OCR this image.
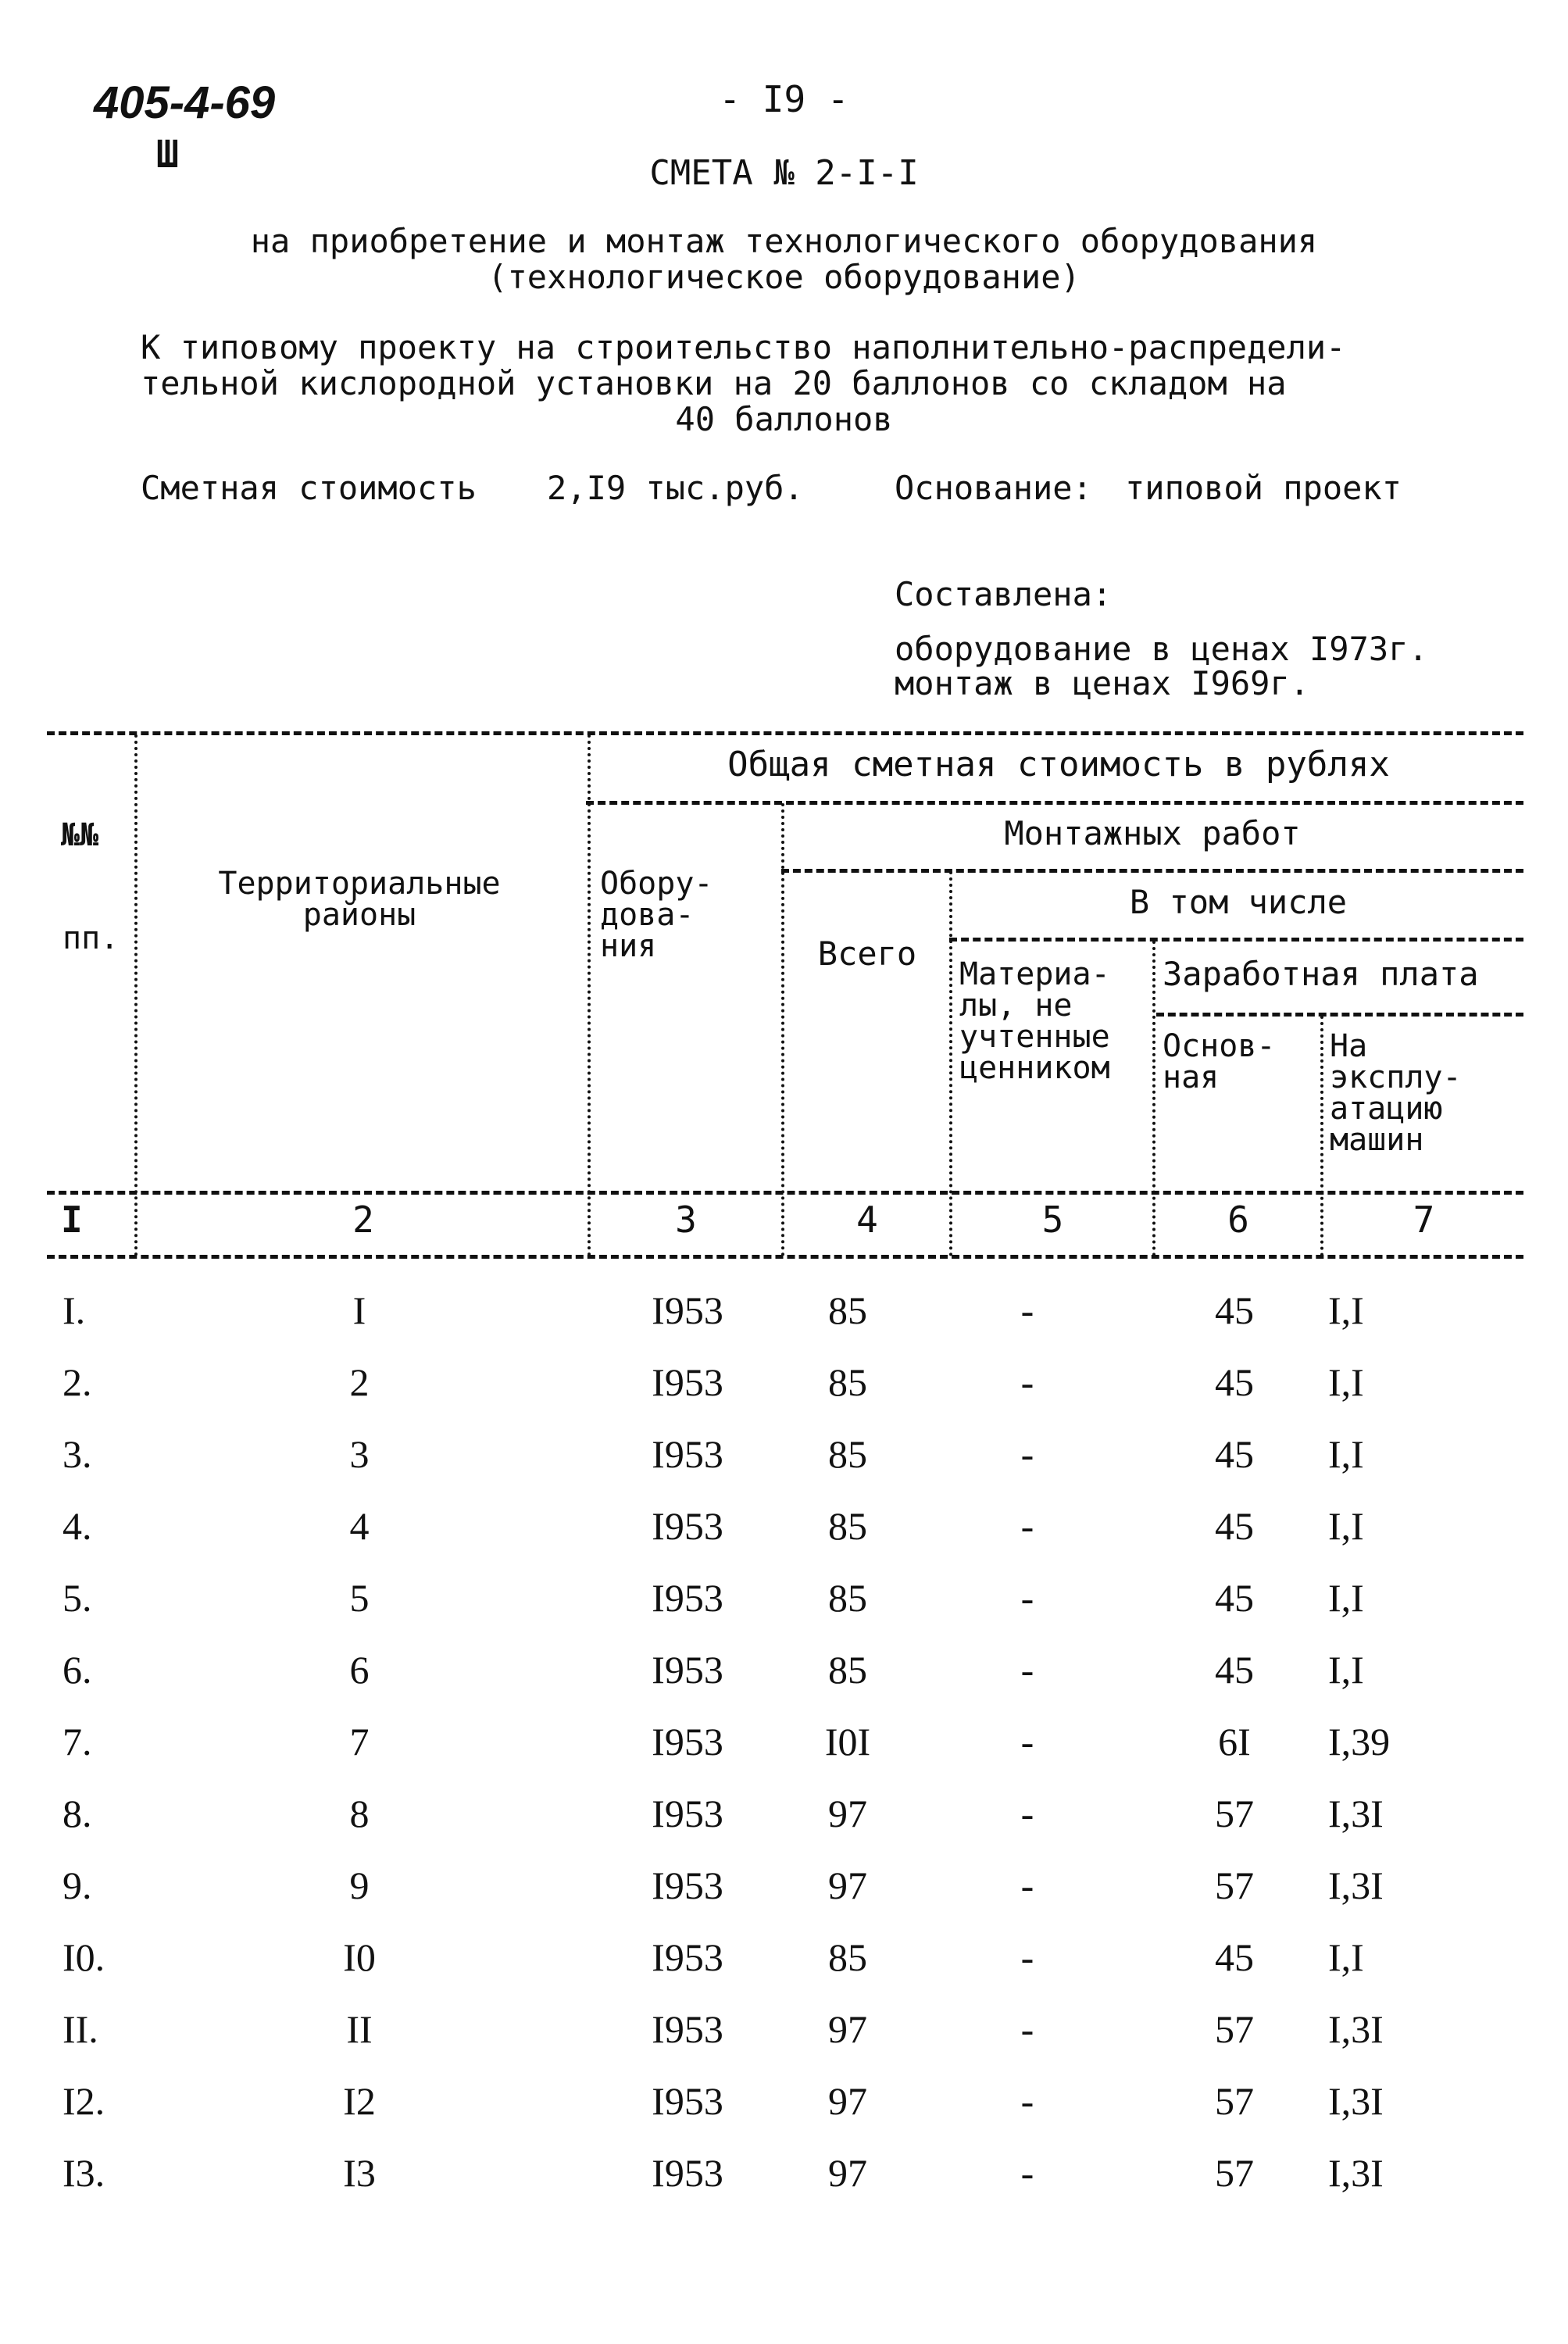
405-4-69
Ш
- I9 -
СМЕТА № 2-I-I
на приобретение и монтаж технологического оборудования
(технологическое оборудование)
К типовому проекту на строительство наполнительно-распредели-
тельной кислородной установки на 20 баллонов со складом на
40 баллонов
Сметная стоимость 2,I9 тыс.руб.	Основание: типовой проект
Составлена:
оборудование в ценах I973г.
монтаж в ценах I969г.
№№
пп.
Территориальные
районы
Общая сметная стоимость в рублях
Обору-
дова-
ния
Монтажных работ
Всего
В том числе
Материа-
лы, не
учтенные
ценником
Заработная плата
Основ-
ная
На
эксплу-
атацию
машин
I	2	3	4	5	6	7
I.	I	I953	85	-	45	I,I
2.	2	I953	85	-	45	I,I
3.	3	I953	85	-	45	I,I
4.	4	I953	85	-	45	I,I
5.	5	I953	85	-	45	I,I
6.	6	I953	85	-	45	I,I
7.	7	I953	I0I	-	6I	I,39
8.	8	I953	97	-	57	I,3I
9.	9	I953	97	-	57	I,3I
I0.	I0	I953	85	-	45	I,I
II.	II	I953	97	-	57	I,3I
I2.	I2	I953	97	-	57	I,3I
I3.	I3	I953	97	-	57	I,3I
